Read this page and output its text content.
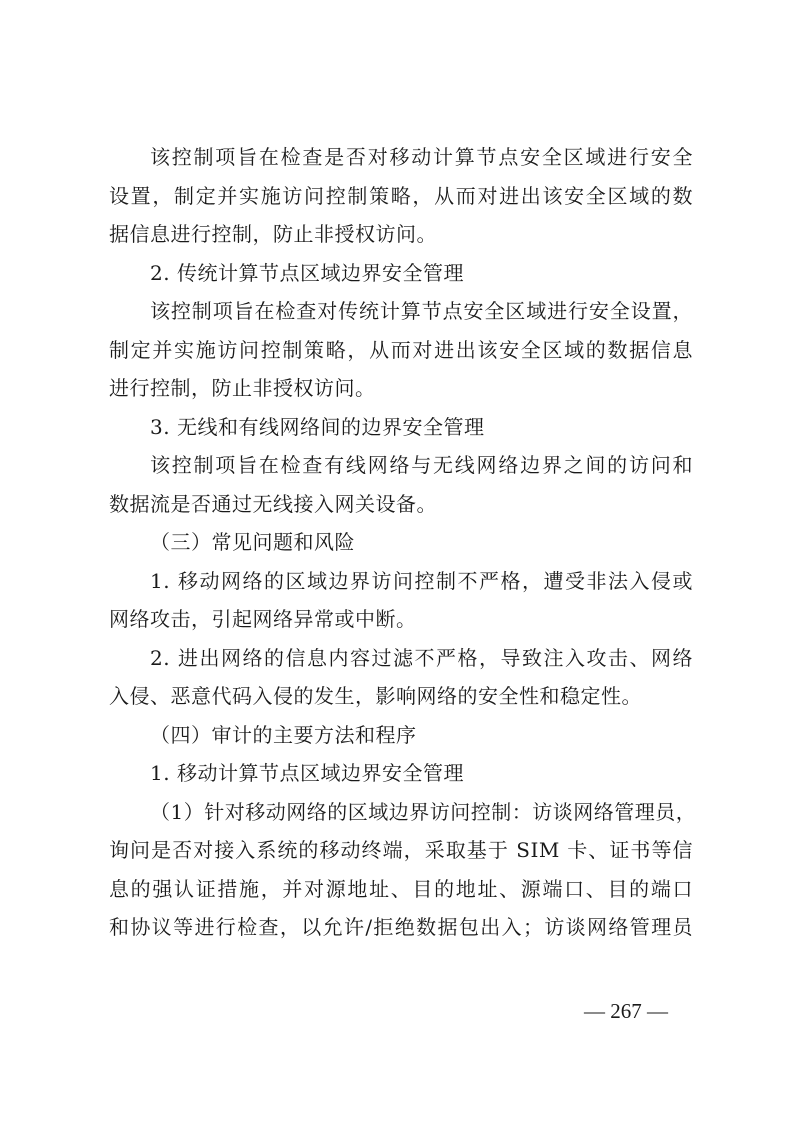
该控制项旨在检查是否对移动计算节点安全区域进行安全
设置，制定并实施访问控制策略，从而对进出该安全区域的数
据信息进行控制，防止非授权访问。
2. 传统计算节点区域边界安全管理
该控制项旨在检查对传统计算节点安全区域进行安全设置，
制定并实施访问控制策略，从而对进出该安全区域的数据信息
进行控制，防止非授权访问。
3. 无线和有线网络间的边界安全管理
该控制项旨在检查有线网络与无线网络边界之间的访问和
数据流是否通过无线接入网关设备。
（三）常见问题和风险
1. 移动网络的区域边界访问控制不严格，遭受非法入侵或
网络攻击，引起网络异常或中断。
2. 进出网络的信息内容过滤不严格，导致注入攻击、网络
入侵、恶意代码入侵的发生，影响网络的安全性和稳定性。
（四）审计的主要方法和程序
1. 移动计算节点区域边界安全管理
（1）针对移动网络的区域边界访问控制：访谈网络管理员，
询问是否对接入系统的移动终端，采取基于 SIM 卡、证书等信
息的强认证措施，并对源地址、目的地址、源端口、目的端口
和协议等进行检查，以允许/拒绝数据包出入；访谈网络管理员
— 267 —
